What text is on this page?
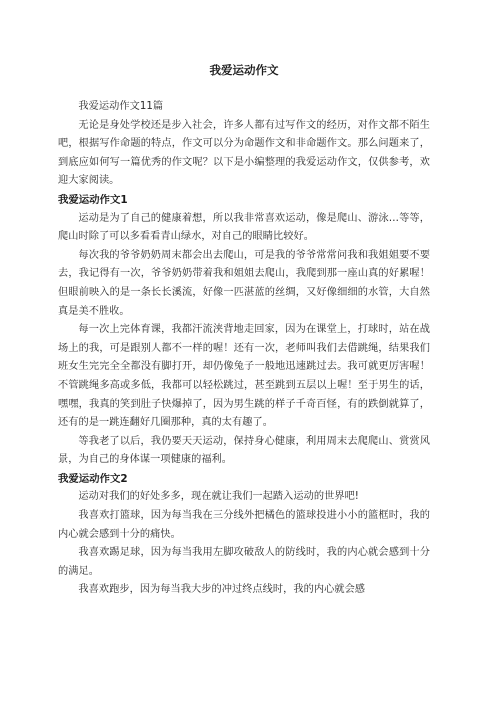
我爱运动作文

我爱运动作文11篇

无论是身处学校还是步入社会，许多人都有过写作文的经历，对作文都不陌生吧，根据写作命题的特点，作文可以分为命题作文和非命题作文。那么问题来了，到底应如何写一篇优秀的作文呢？以下是小编整理的我爱运动作文，仅供参考，欢迎大家阅读。

我爱运动作文1

运动是为了自己的健康着想，所以我非常喜欢运动，像是爬山、游泳…等等，爬山时除了可以多看看青山绿水，对自己的眼睛比较好。

每次我的爷爷奶奶周末都会出去爬山，可是我的爷爷常常问我和我姐姐要不要去，我记得有一次，爷爷奶奶带着我和姐姐去爬山，我爬到那一座山真的好累喔！但眼前映入的是一条长长溪流，好像一匹湛蓝的丝绸，又好像细细的水管，大自然真是美不胜收。

每一次上完体育课，我都汗流浃背地走回家，因为在课堂上，打球时，站在战场上的我，可是跟别人都不一样的喔！还有一次，老师叫我们去借跳绳，结果我们班女生完完全全都没有脚打开，却仍像兔子一般地迅速跳过去。我可就更厉害喔！不管跳绳多高或多低，我都可以轻松跳过，甚至跳到五层以上喔！至于男生的话，嘿嘿，我真的笑到肚子快爆掉了，因为男生跳的样子千奇百怪，有的跌倒就算了，还有的是一跳连翻好几圈那种，真的太有趣了。

等我老了以后，我仍要天天运动，保持身心健康，利用周末去爬爬山、赏赏风景，为自己的身体谋一项健康的福利。

我爱运动作文2

运动对我们的好处多多，现在就让我们一起踏入运动的世界吧!

我喜欢打篮球，因为每当我在三分线外把橘色的篮球投进小小的篮框时，我的内心就会感到十分的痛快。

我喜欢踢足球，因为每当我用左脚攻破敌人的防线时，我的内心就会感到十分的满足。

我喜欢跑步，因为每当我大步的冲过终点线时，我的内心就会感
